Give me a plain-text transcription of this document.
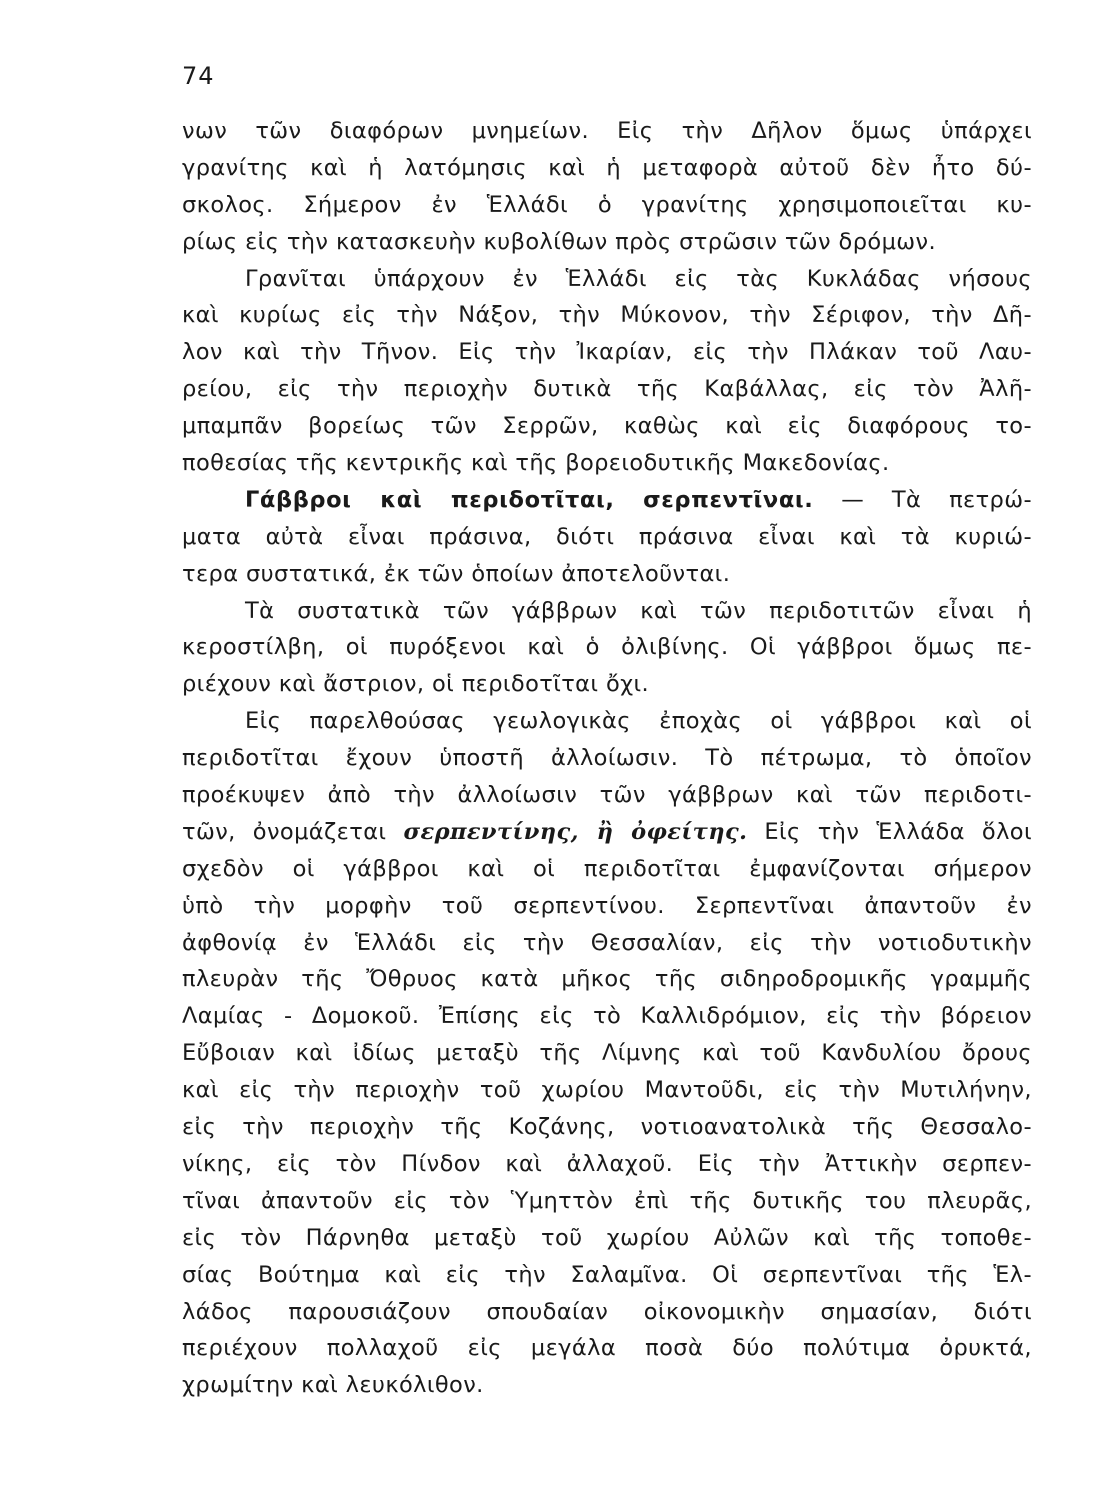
74
νων τῶν διαφόρων μνημείων. Εἰς τὴν Δῆλον ὅμως ὑπάρχει
γρανίτης καὶ ἡ λατόμησις καὶ ἡ μεταφορὰ αὐτοῦ δὲν ἦτο δύ-
σκολος. Σήμερον ἐν Ἑλλάδι ὁ γρανίτης χρησιμοποιεῖται κυ-
ρίως εἰς τὴν κατασκευὴν κυβολίθων πρὸς στρῶσιν τῶν δρόμων.
Γρανῖται ὑπάρχουν ἐν Ἑλλάδι εἰς τὰς Κυκλάδας νήσους
καὶ κυρίως εἰς τὴν Νάξον, τὴν Μύκονον, τὴν Σέριφον, τὴν Δῆ-
λον καὶ τὴν Τῆνον. Εἰς τὴν Ἰκαρίαν, εἰς τὴν Πλάκαν τοῦ Λαυ-
ρείου, εἰς τὴν περιοχὴν δυτικὰ τῆς Καβάλλας, εἰς τὸν Ἀλῆ-
μπαμπᾶν βορείως τῶν Σερρῶν, καθὼς καὶ εἰς διαφόρους το-
ποθεσίας τῆς κεντρικῆς καὶ τῆς βορειοδυτικῆς Μακεδονίας.
Γάββροι καὶ περιδοτῖται, σερπεντῖναι. — Τὰ πετρώ-
ματα αὐτὰ εἶναι πράσινα, διότι πράσινα εἶναι καὶ τὰ κυριώ-
τερα συστατικά, ἐκ τῶν ὁποίων ἀποτελοῦνται.
Τὰ συστατικὰ τῶν γάββρων καὶ τῶν περιδοτιτῶν εἶναι ἡ
κεροστίλβη, οἱ πυρόξενοι καὶ ὁ ὀλιβίνης. Οἱ γάββροι ὅμως πε-
ριέχουν καὶ ἄστριον, οἱ περιδοτῖται ὄχι.
Εἰς παρελθούσας γεωλογικὰς ἐποχὰς οἱ γάββροι καὶ οἱ
περιδοτῖται ἔχουν ὑποστῆ ἀλλοίωσιν. Τὸ πέτρωμα, τὸ ὁποῖον
προέκυψεν ἀπὸ τὴν ἀλλοίωσιν τῶν γάββρων καὶ τῶν περιδοτι-
τῶν, ὀνομάζεται σερπεντίνης, ἢ ὀφείτης. Εἰς τὴν Ἑλλάδα ὅλοι
σχεδὸν οἱ γάββροι καὶ οἱ περιδοτῖται ἐμφανίζονται σήμερον
ὑπὸ τὴν μορφὴν τοῦ σερπεντίνου. Σερπεντῖναι ἀπαντοῦν ἐν
ἀφθονίᾳ ἐν Ἑλλάδι εἰς τὴν Θεσσαλίαν, εἰς τὴν νοτιοδυτικὴν
πλευρὰν τῆς Ὄθρυος κατὰ μῆκος τῆς σιδηροδρομικῆς γραμμῆς
Λαμίας - Δομοκοῦ. Ἐπίσης εἰς τὸ Καλλιδρόμιον, εἰς τὴν βόρειον
Εὔβοιαν καὶ ἰδίως μεταξὺ τῆς Λίμνης καὶ τοῦ Κανδυλίου ὄρους
καὶ εἰς τὴν περιοχὴν τοῦ χωρίου Μαντοῦδι, εἰς τὴν Μυτιλήνην,
εἰς τὴν περιοχὴν τῆς Κοζάνης, νοτιοανατολικὰ τῆς Θεσσαλο-
νίκης, εἰς τὸν Πίνδον καὶ ἀλλαχοῦ. Εἰς τὴν Ἀττικὴν σερπεν-
τῖναι ἀπαντοῦν εἰς τὸν Ὑμηττὸν ἐπὶ τῆς δυτικῆς του πλευρᾶς,
εἰς τὸν Πάρνηθα μεταξὺ τοῦ χωρίου Αὐλῶν καὶ τῆς τοποθε-
σίας Βούτημα καὶ εἰς τὴν Σαλαμῖνα. Οἱ σερπεντῖναι τῆς Ἑλ-
λάδος παρουσιάζουν σπουδαίαν οἰκονομικὴν σημασίαν, διότι
περιέχουν πολλαχοῦ εἰς μεγάλα ποσὰ δύο πολύτιμα ὀρυκτά,
χρωμίτην καὶ λευκόλιθον.
